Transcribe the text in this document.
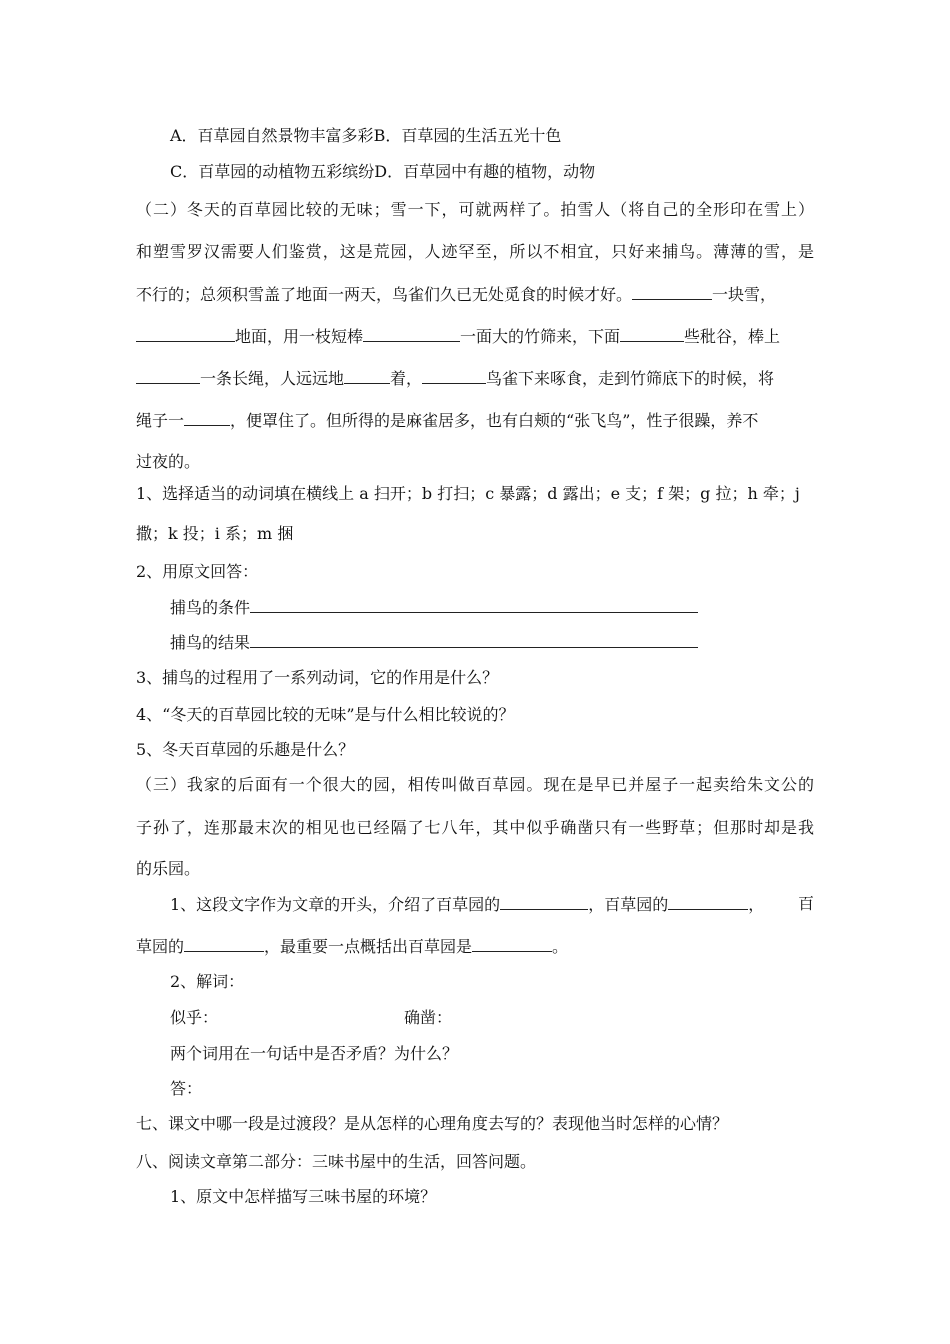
A．百草园自然景物丰富多彩B．百草园的生活五光十色
C．百草园的动植物五彩缤纷D．百草园中有趣的植物，动物
（二）冬天的百草园比较的无味；雪一下，可就两样了。拍雪人（将自己的全形印在雪上）
和塑雪罗汉需要人们鉴赏，这是荒园，人迹罕至，所以不相宜，只好来捕鸟。薄薄的雪，是
不行的；总须积雪盖了地面一两天，鸟雀们久已无处觅食的时候才好。	一块雪，
地面，用一枝短棒	一面大的竹筛来，下面	些秕谷，棒上
一条长绳，人远远地	着，	鸟雀下来啄食，走到竹筛底下的时候，将
绳子一	，便罩住了。但所得的是麻雀居多，也有白颊的“张飞鸟”，性子很躁，养不
过夜的。
1、选择适当的动词填在横线上 a 扫开；b 打扫；c 暴露；d 露出；e 支；f 架；g 拉；h 牵；j
撒；k 投；i 系；m 捆
2、用原文回答：
捕鸟的条件
捕鸟的结果
3、捕鸟的过程用了一系列动词，它的作用是什么？
4、“冬天的百草园比较的无味”是与什么相比较说的？
5、冬天百草园的乐趣是什么？
（三）我家的后面有一个很大的园，相传叫做百草园。现在是早已并屋子一起卖给朱文公的
子孙了，连那最末次的相见也已经隔了七八年，其中似乎确凿只有一些野草；但那时却是我
的乐园。
1、这段文字作为文章的开头，介绍了百草园的	，百草园的	， 百
草园的	，最重要一点概括出百草园是	。
2、解词：
似乎：	确凿：
两个词用在一句话中是否矛盾？为什么？
答：
七、课文中哪一段是过渡段？是从怎样的心理角度去写的？表现他当时怎样的心情？
八、阅读文章第二部分：三味书屋中的生活，回答问题。
1、原文中怎样描写三味书屋的环境？
